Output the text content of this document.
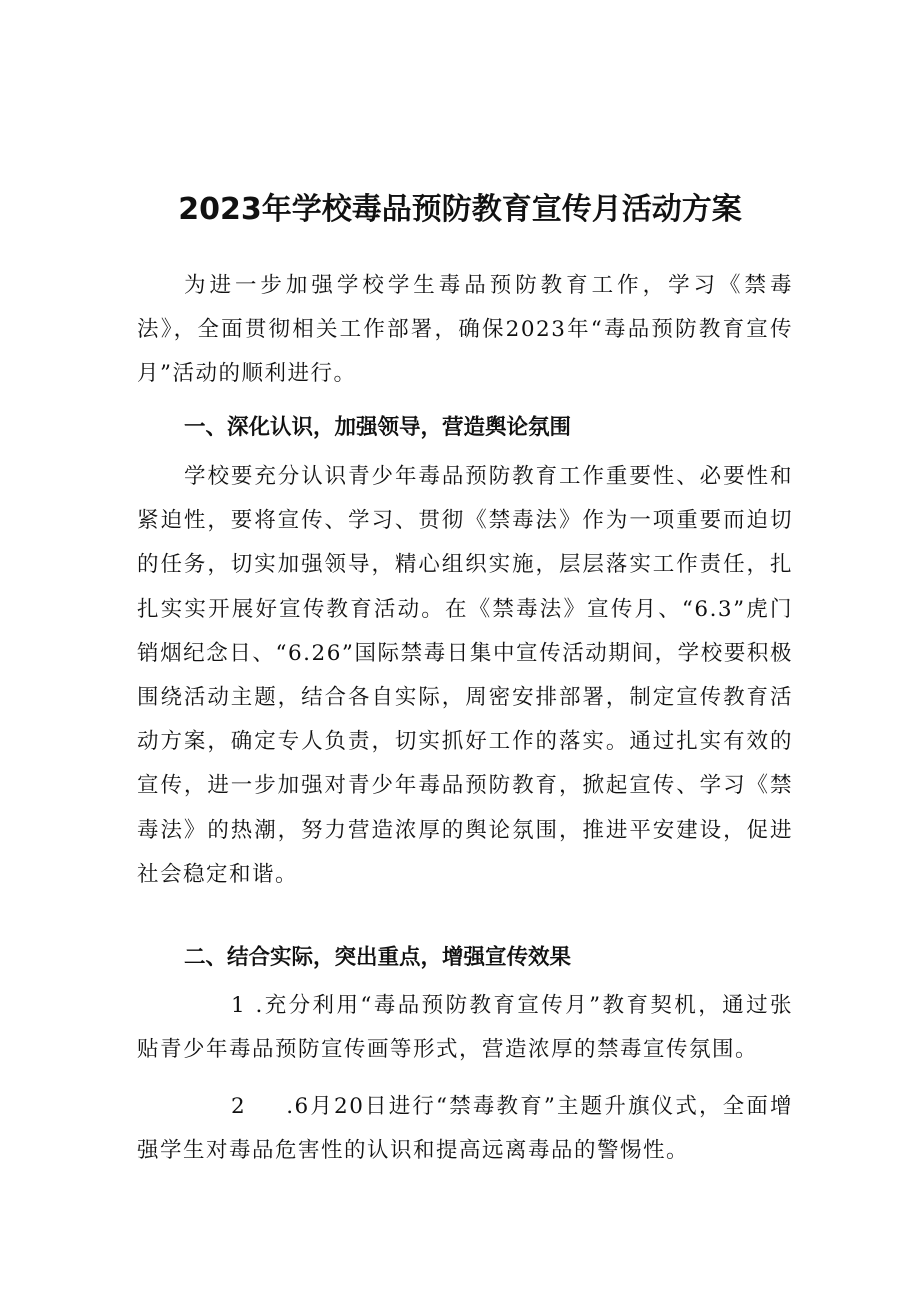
2023年学校毒品预防教育宣传月活动方案

为进一步加强学校学生毒品预防教育工作，学习《禁毒法》，全面贯彻相关工作部署，确保2023年“毒品预防教育宣传月”活动的顺利进行。

一、深化认识，加强领导，营造舆论氛围

学校要充分认识青少年毒品预防教育工作重要性、必要性和紧迫性，要将宣传、学习、贯彻《禁毒法》作为一项重要而迫切的任务，切实加强领导，精心组织实施，层层落实工作责任，扎扎实实开展好宣传教育活动。在《禁毒法》宣传月、“6.3”虎门销烟纪念日、“6.26”国际禁毒日集中宣传活动期间，学校要积极围绕活动主题，结合各自实际，周密安排部署，制定宣传教育活动方案，确定专人负责，切实抓好工作的落实。通过扎实有效的宣传，进一步加强对青少年毒品预防教育，掀起宣传、学习《禁毒法》的热潮，努力营造浓厚的舆论氛围，推进平安建设，促进社会稳定和谐。

二、结合实际，突出重点，增强宣传效果

1 .充分利用“毒品预防教育宣传月”教育契机，通过张贴青少年毒品预防宣传画等形式，营造浓厚的禁毒宣传氛围。

2 .6月20日进行“禁毒教育”主题升旗仪式，全面增强学生对毒品危害性的认识和提高远离毒品的警惕性。
